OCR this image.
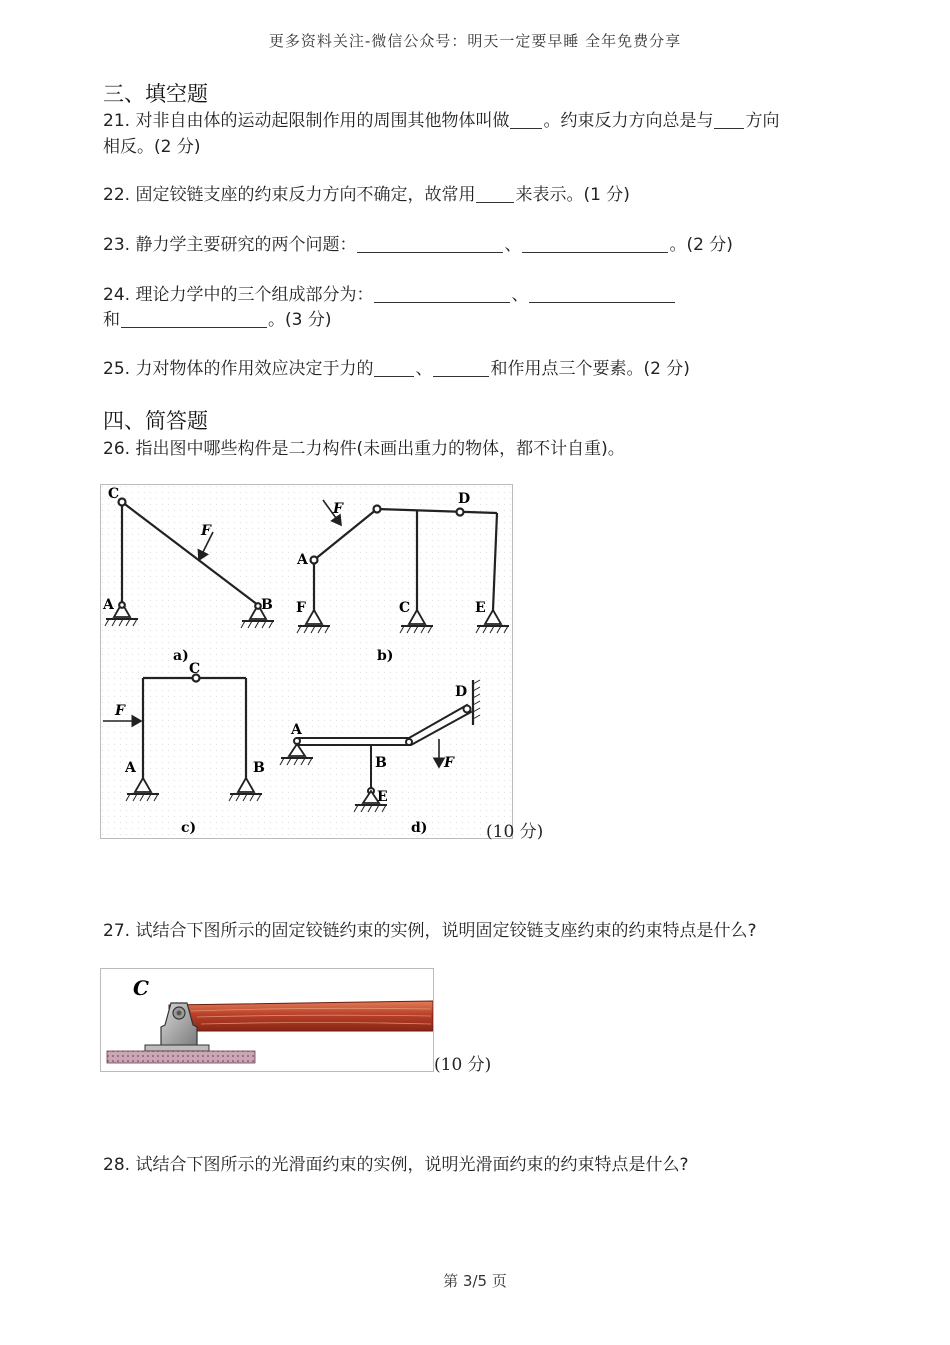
更多资料关注-微信公众号：明天一定要早睡 全年免费分享
三、填空题
21. 对非自由体的运动起限制作用的周围其他物体叫做 。约束反力方向总是与 方向
相反。(2 分)
22. 固定铰链支座的约束反力方向不确定，故常用 来表示。(1 分)
23. 静力学主要研究的两个问题：	、	。(2 分)
24. 理论力学中的三个组成部分为：	、
和	。(3 分)
25. 力对物体的作用效应决定于力的 、	和作用点三个要素。(2 分)
四、简答题
26. 指出图中哪些构件是二力构件(未画出重力的物体，都不计自重)。
C
F
A	B
a)
F
D
A
F	C	E
b)
C
F
A	B
c)
D
A
B	F
E
d)	(10 分)
27. 试结合下图所示的固定铰链约束的实例，说明固定铰链支座约束的约束特点是什么?
C
(10 分)
28. 试结合下图所示的光滑面约束的实例，说明光滑面约束的约束特点是什么?
第 3/5 页
